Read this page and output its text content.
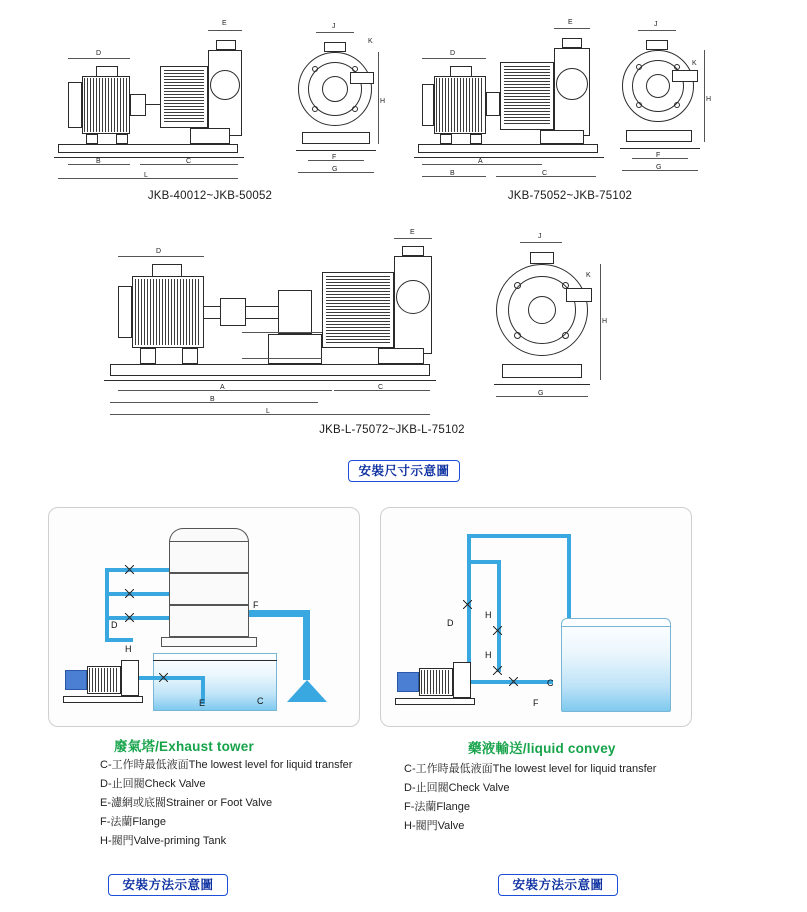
D
E
B	C
L
J
K
H
F
G
JKB-40012~JKB-50052
D
E
A
B	C
J
K
H
F
G
JKB-75052~JKB-75102
D
E
A
B
C
L
J
K
H
G
JKB-L-75072~JKB-L-75102
安裝尺寸示意圖
D
H
E	C
F
廢氣塔/Exhaust tower
C-工作時最低液面The lowest level for liquid transfer
D-止回閥Check Valve
E-濾網或底閥Strainer or Foot Valve
F-法蘭Flange
H-閥門Valve-priming Tank
安裝方法示意圖
D
H
H
C
F
藥液輸送/liquid convey
C-工作時最低液面The lowest level for liquid transfer
D-止回閥Check Valve
F-法蘭Flange
H-閥門Valve
安裝方法示意圖
